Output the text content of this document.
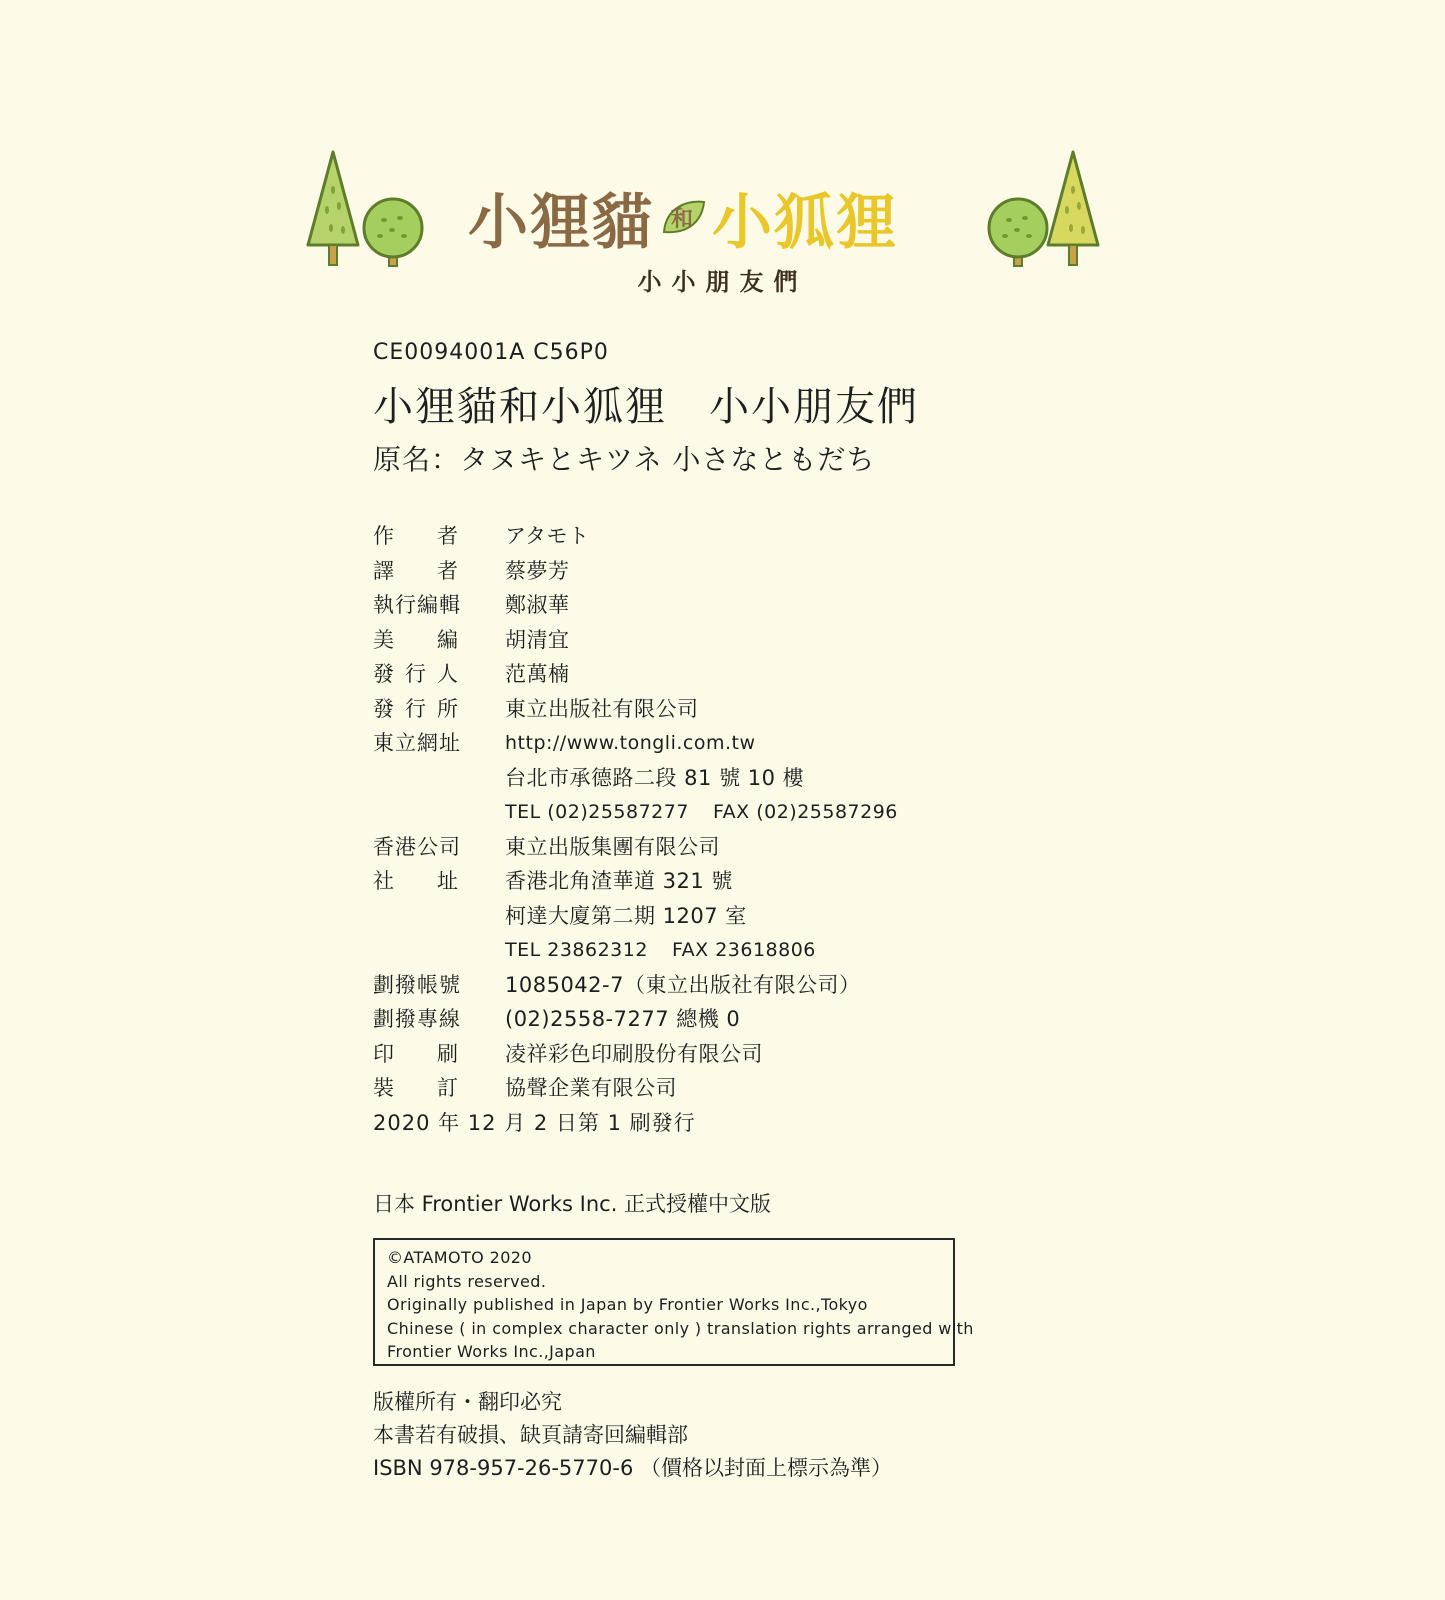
小狸貓 和 小狐狸
小小朋友們
CE0094001A C56P0
小狸貓和小狐狸　小小朋友們
原名：タヌキとキツネ 小さなともだち
作 者 アタモト
譯 者 蔡夢芳
執行編輯 鄭淑華
美 編 胡清宜
發 行 人 范萬楠
發 行 所 東立出版社有限公司
東立網址 http://www.tongli.com.tw
台北市承德路二段 81 號 10 樓
TEL (02)25587277 FAX (02)25587296
香港公司 東立出版集團有限公司
社 址 香港北角渣華道 321 號
柯達大廈第二期 1207 室
TEL 23862312 FAX 23618806
劃撥帳號 1085042-7（東立出版社有限公司）
劃撥專線 (02)2558-7277 總機 0
印 刷 凌祥彩色印刷股份有限公司
裝 訂 協聲企業有限公司
2020 年 12 月 2 日第 1 刷發行
日本 Frontier Works Inc. 正式授權中文版
©ATAMOTO 2020
All rights reserved.
Originally published in Japan by Frontier Works Inc.,Tokyo
Chinese ( in complex character only ) translation rights arranged with
Frontier Works Inc.,Japan
版權所有・翻印必究
本書若有破損、缺頁請寄回編輯部
ISBN 978-957-26-5770-6 （價格以封面上標示為準）
